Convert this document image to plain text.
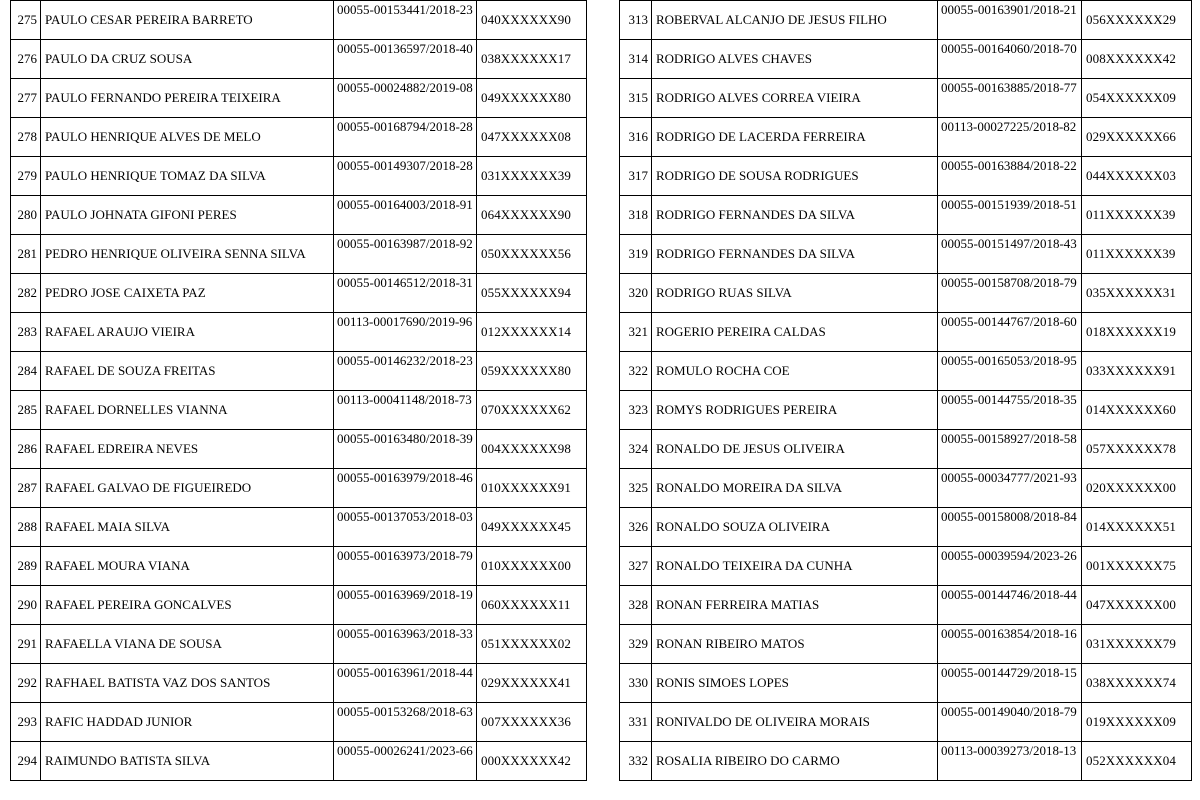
275	PAULO CESAR PEREIRA BARRETO	00055-00153441/2018-23	040XXXXXX90
276	PAULO DA CRUZ SOUSA	00055-00136597/2018-40	038XXXXXX17
277	PAULO FERNANDO PEREIRA TEIXEIRA	00055-00024882/2019-08	049XXXXXX80
278	PAULO HENRIQUE ALVES DE MELO	00055-00168794/2018-28	047XXXXXX08
279	PAULO HENRIQUE TOMAZ DA SILVA	00055-00149307/2018-28	031XXXXXX39
280	PAULO JOHNATA GIFONI PERES	00055-00164003/2018-91	064XXXXXX90
281	PEDRO HENRIQUE OLIVEIRA SENNA SILVA	00055-00163987/2018-92	050XXXXXX56
282	PEDRO JOSE CAIXETA PAZ	00055-00146512/2018-31	055XXXXXX94
283	RAFAEL ARAUJO VIEIRA	00113-00017690/2019-96	012XXXXXX14
284	RAFAEL DE SOUZA FREITAS	00055-00146232/2018-23	059XXXXXX80
285	RAFAEL DORNELLES VIANNA	00113-00041148/2018-73	070XXXXXX62
286	RAFAEL EDREIRA NEVES	00055-00163480/2018-39	004XXXXXX98
287	RAFAEL GALVAO DE FIGUEIREDO	00055-00163979/2018-46	010XXXXXX91
288	RAFAEL MAIA SILVA	00055-00137053/2018-03	049XXXXXX45
289	RAFAEL MOURA VIANA	00055-00163973/2018-79	010XXXXXX00
290	RAFAEL PEREIRA GONCALVES	00055-00163969/2018-19	060XXXXXX11
291	RAFAELLA VIANA DE SOUSA	00055-00163963/2018-33	051XXXXXX02
292	RAFHAEL BATISTA VAZ DOS SANTOS	00055-00163961/2018-44	029XXXXXX41
293	RAFIC HADDAD JUNIOR	00055-00153268/2018-63	007XXXXXX36
294	RAIMUNDO BATISTA SILVA	00055-00026241/2023-66	000XXXXXX42
313	ROBERVAL ALCANJO DE JESUS FILHO	00055-00163901/2018-21	056XXXXXX29
314	RODRIGO ALVES CHAVES	00055-00164060/2018-70	008XXXXXX42
315	RODRIGO ALVES CORREA VIEIRA	00055-00163885/2018-77	054XXXXXX09
316	RODRIGO DE LACERDA FERREIRA	00113-00027225/2018-82	029XXXXXX66
317	RODRIGO DE SOUSA RODRIGUES	00055-00163884/2018-22	044XXXXXX03
318	RODRIGO FERNANDES DA SILVA	00055-00151939/2018-51	011XXXXXX39
319	RODRIGO FERNANDES DA SILVA	00055-00151497/2018-43	011XXXXXX39
320	RODRIGO RUAS SILVA	00055-00158708/2018-79	035XXXXXX31
321	ROGERIO PEREIRA CALDAS	00055-00144767/2018-60	018XXXXXX19
322	ROMULO ROCHA COE	00055-00165053/2018-95	033XXXXXX91
323	ROMYS RODRIGUES PEREIRA	00055-00144755/2018-35	014XXXXXX60
324	RONALDO DE JESUS OLIVEIRA	00055-00158927/2018-58	057XXXXXX78
325	RONALDO MOREIRA DA SILVA	00055-00034777/2021-93	020XXXXXX00
326	RONALDO SOUZA OLIVEIRA	00055-00158008/2018-84	014XXXXXX51
327	RONALDO TEIXEIRA DA CUNHA	00055-00039594/2023-26	001XXXXXX75
328	RONAN FERREIRA MATIAS	00055-00144746/2018-44	047XXXXXX00
329	RONAN RIBEIRO MATOS	00055-00163854/2018-16	031XXXXXX79
330	RONIS SIMOES LOPES	00055-00144729/2018-15	038XXXXXX74
331	RONIVALDO DE OLIVEIRA MORAIS	00055-00149040/2018-79	019XXXXXX09
332	ROSALIA RIBEIRO DO CARMO	00113-00039273/2018-13	052XXXXXX04
